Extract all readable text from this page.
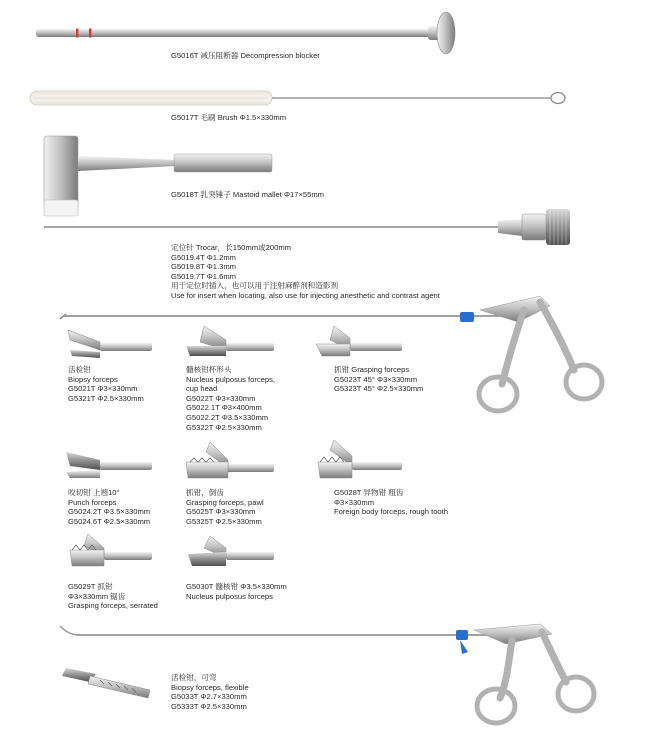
G5016T 减压阻断器 Decompression blocker
G5017T 毛刷 Brush Φ1.5×330mm
G5018T 乳突锤子 Mastoid mallet Φ17×55mm
定位针 Trocar，长150mm或200mm
G5019.4T Φ1.2mm
G5019.8T Φ1.3mm
G5019.7T Φ1.6mm
用于定位时插入，也可以用于注射麻醉剂和造影剂
Use for insert when locating, also use for injecting anesthetic and contrast agent
活检钳
Biopsy forceps
G5021T Φ3×330mm
G5321T Φ2.5×330mm
髓核钳杯形头
Nucleus pulposus forceps,
cup head
G5022T Φ3×330mm
G5022.1T Φ3×400mm
G5022.2T Φ3.5×330mm
G5322T Φ2.5×330mm
抓钳 Grasping forceps
G5023T 45° Φ3×330mm
G5323T 45° Φ2.5×330mm
咬切钳 上翘10°
Punch forceps
G5024.2T Φ3.5×330mm
G5024.6T Φ2.5×330mm
抓钳，倒齿
Grasping forceps, pawl
G5025T Φ3×330mm
G5325T Φ2.5×330mm
G5028T 异物钳 粗齿
Φ3×330mm
Foreign body forceps, rough tooth
G5029T 抓钳
Φ3×330mm 锯齿
Grasping forceps, serrated
G5030T 髓核钳 Φ3.5×330mm
Nucleus pulposus forceps
活检钳，可弯
Biopsy forceps, flexible
G5033T Φ2.7×330mm
G5333T Φ2.5×330mm
